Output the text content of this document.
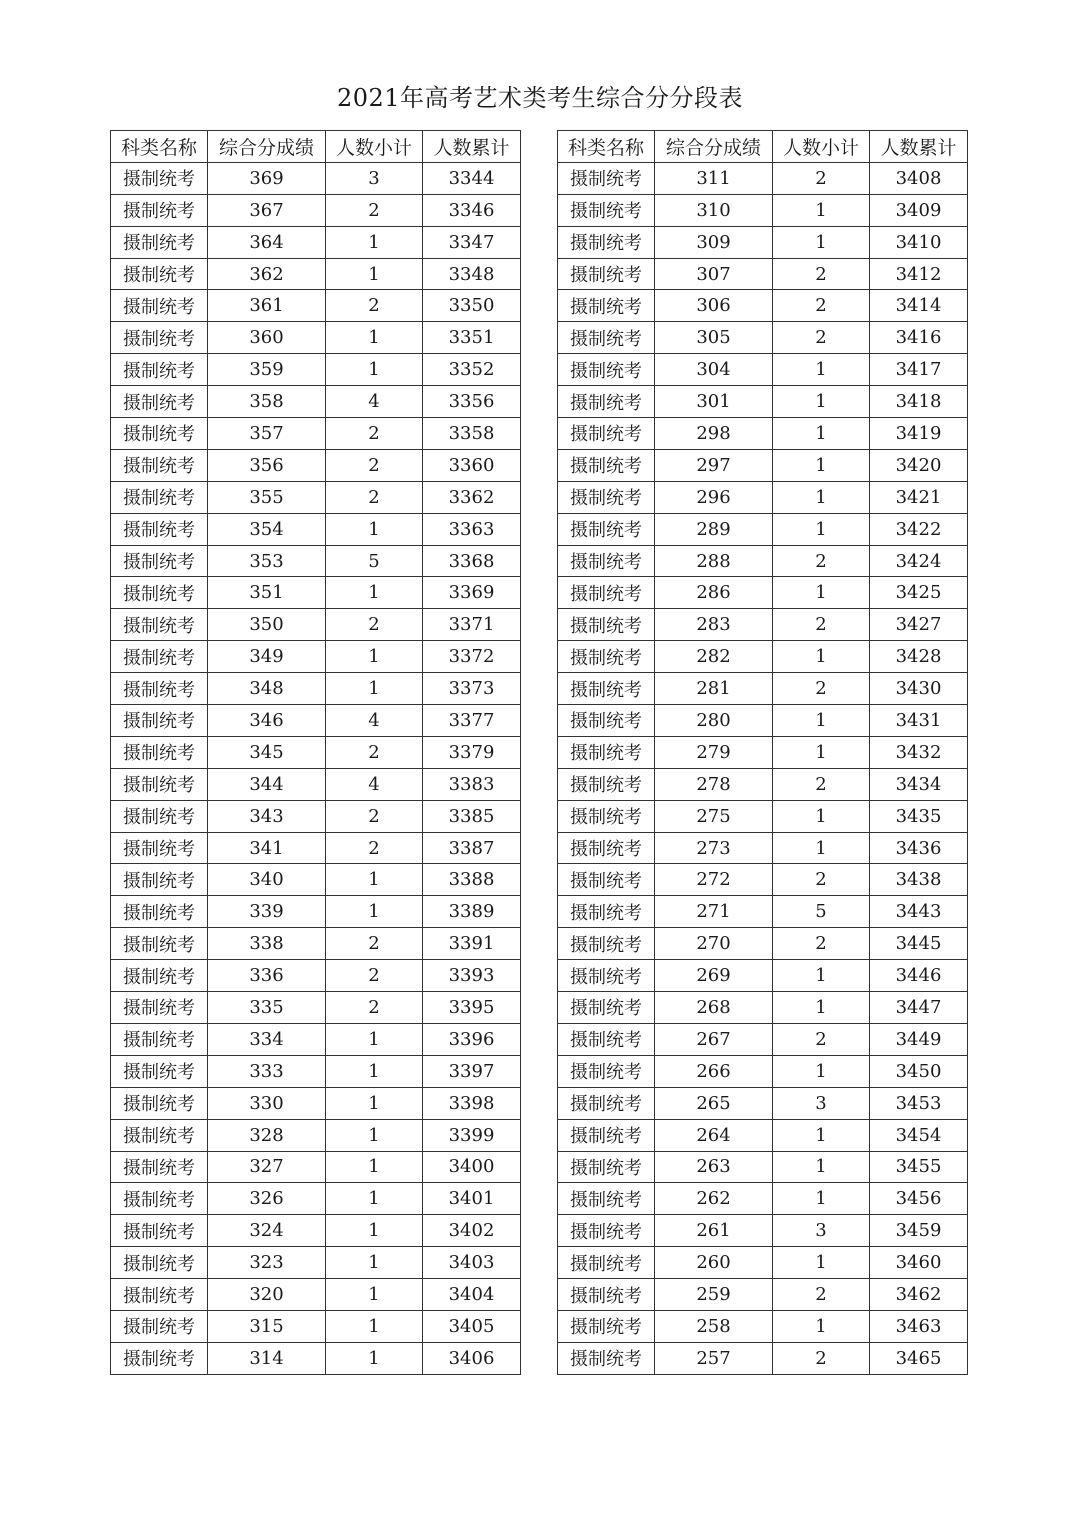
2021年高考艺术类考生综合分分段表
科类名称	综合分成绩	人数小计	人数累计
摄制统考	369	3	3344
摄制统考	367	2	3346
摄制统考	364	1	3347
摄制统考	362	1	3348
摄制统考	361	2	3350
摄制统考	360	1	3351
摄制统考	359	1	3352
摄制统考	358	4	3356
摄制统考	357	2	3358
摄制统考	356	2	3360
摄制统考	355	2	3362
摄制统考	354	1	3363
摄制统考	353	5	3368
摄制统考	351	1	3369
摄制统考	350	2	3371
摄制统考	349	1	3372
摄制统考	348	1	3373
摄制统考	346	4	3377
摄制统考	345	2	3379
摄制统考	344	4	3383
摄制统考	343	2	3385
摄制统考	341	2	3387
摄制统考	340	1	3388
摄制统考	339	1	3389
摄制统考	338	2	3391
摄制统考	336	2	3393
摄制统考	335	2	3395
摄制统考	334	1	3396
摄制统考	333	1	3397
摄制统考	330	1	3398
摄制统考	328	1	3399
摄制统考	327	1	3400
摄制统考	326	1	3401
摄制统考	324	1	3402
摄制统考	323	1	3403
摄制统考	320	1	3404
摄制统考	315	1	3405
摄制统考	314	1	3406
科类名称	综合分成绩	人数小计	人数累计
摄制统考	311	2	3408
摄制统考	310	1	3409
摄制统考	309	1	3410
摄制统考	307	2	3412
摄制统考	306	2	3414
摄制统考	305	2	3416
摄制统考	304	1	3417
摄制统考	301	1	3418
摄制统考	298	1	3419
摄制统考	297	1	3420
摄制统考	296	1	3421
摄制统考	289	1	3422
摄制统考	288	2	3424
摄制统考	286	1	3425
摄制统考	283	2	3427
摄制统考	282	1	3428
摄制统考	281	2	3430
摄制统考	280	1	3431
摄制统考	279	1	3432
摄制统考	278	2	3434
摄制统考	275	1	3435
摄制统考	273	1	3436
摄制统考	272	2	3438
摄制统考	271	5	3443
摄制统考	270	2	3445
摄制统考	269	1	3446
摄制统考	268	1	3447
摄制统考	267	2	3449
摄制统考	266	1	3450
摄制统考	265	3	3453
摄制统考	264	1	3454
摄制统考	263	1	3455
摄制统考	262	1	3456
摄制统考	261	3	3459
摄制统考	260	1	3460
摄制统考	259	2	3462
摄制统考	258	1	3463
摄制统考	257	2	3465
